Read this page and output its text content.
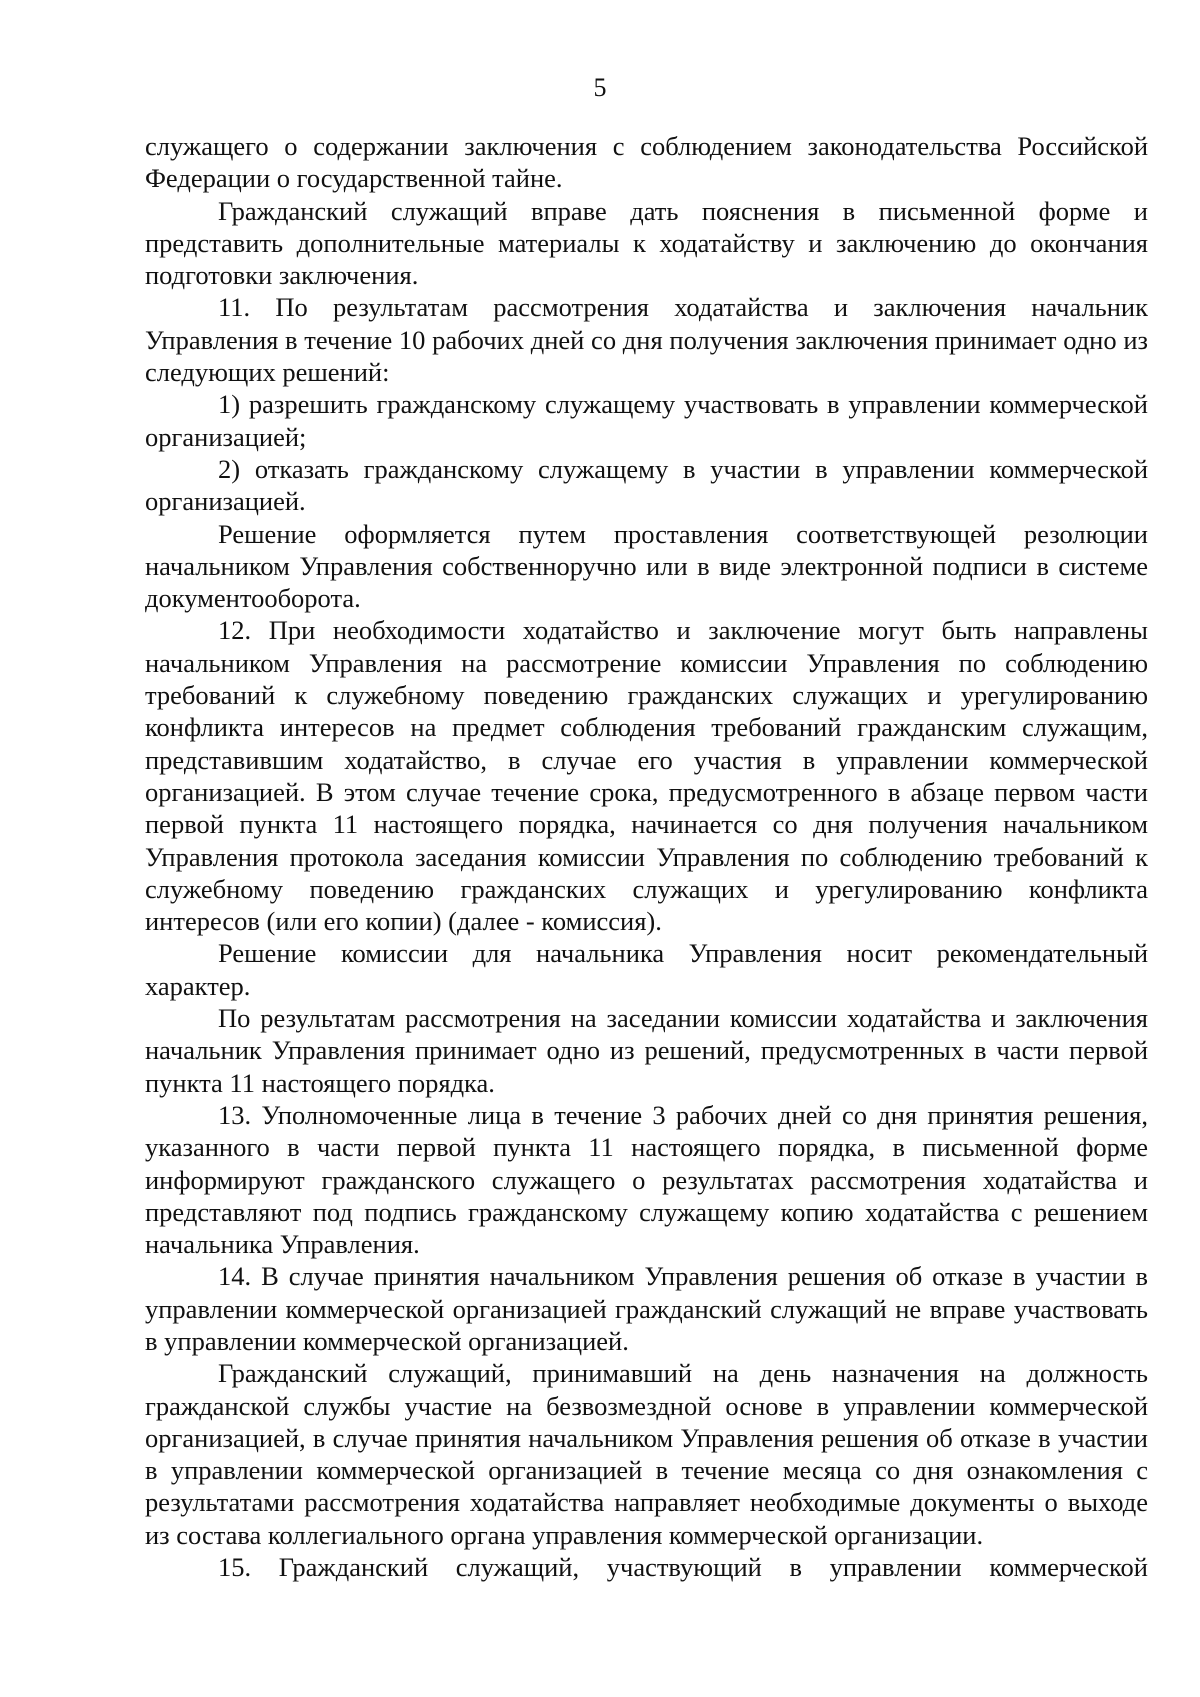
5

служащего о содержании заключения с соблюдением законодательства Российской Федерации о государственной тайне.

Гражданский служащий вправе дать пояснения в письменной форме и представить дополнительные материалы к ходатайству и заключению до окончания подготовки заключения.

11. По результатам рассмотрения ходатайства и заключения начальник Управления в течение 10 рабочих дней со дня получения заключения принимает одно из следующих решений:

1) разрешить гражданскому служащему участвовать в управлении коммерческой организацией;

2) отказать гражданскому служащему в участии в управлении коммерческой организацией.

Решение оформляется путем проставления соответствующей резолюции начальником Управления собственноручно или в виде электронной подписи в системе документооборота.

12. При необходимости ходатайство и заключение могут быть направлены начальником Управления на рассмотрение комиссии Управления по соблюдению требований к служебному поведению гражданских служащих и урегулированию конфликта интересов на предмет соблюдения требований гражданским служащим, представившим ходатайство, в случае его участия в управлении коммерческой организацией. В этом случае течение срока, предусмотренного в абзаце первом части первой пункта 11 настоящего порядка, начинается со дня получения начальником Управления протокола заседания комиссии Управления по соблюдению требований к служебному поведению гражданских служащих и урегулированию конфликта интересов (или его копии) (далее - комиссия).

Решение комиссии для начальника Управления носит рекомендательный характер.

По результатам рассмотрения на заседании комиссии ходатайства и заключения начальник Управления принимает одно из решений, предусмотренных в части первой пункта 11 настоящего порядка.

13. Уполномоченные лица в течение 3 рабочих дней со дня принятия решения, указанного в части первой пункта 11 настоящего порядка, в письменной форме информируют гражданского служащего о результатах рассмотрения ходатайства и представляют под подпись гражданскому служащему копию ходатайства с решением начальника Управления.

14. В случае принятия начальником Управления решения об отказе в участии в управлении коммерческой организацией гражданский служащий не вправе участвовать в управлении коммерческой организацией.

Гражданский служащий, принимавший на день назначения на должность гражданской службы участие на безвозмездной основе в управлении коммерческой организацией, в случае принятия начальником Управления решения об отказе в участии в управлении коммерческой организацией в течение месяца со дня ознакомления с результатами рассмотрения ходатайства направляет необходимые документы о выходе из состава коллегиального органа управления коммерческой организации.

15. Гражданский служащий, участвующий в управлении коммерческой
